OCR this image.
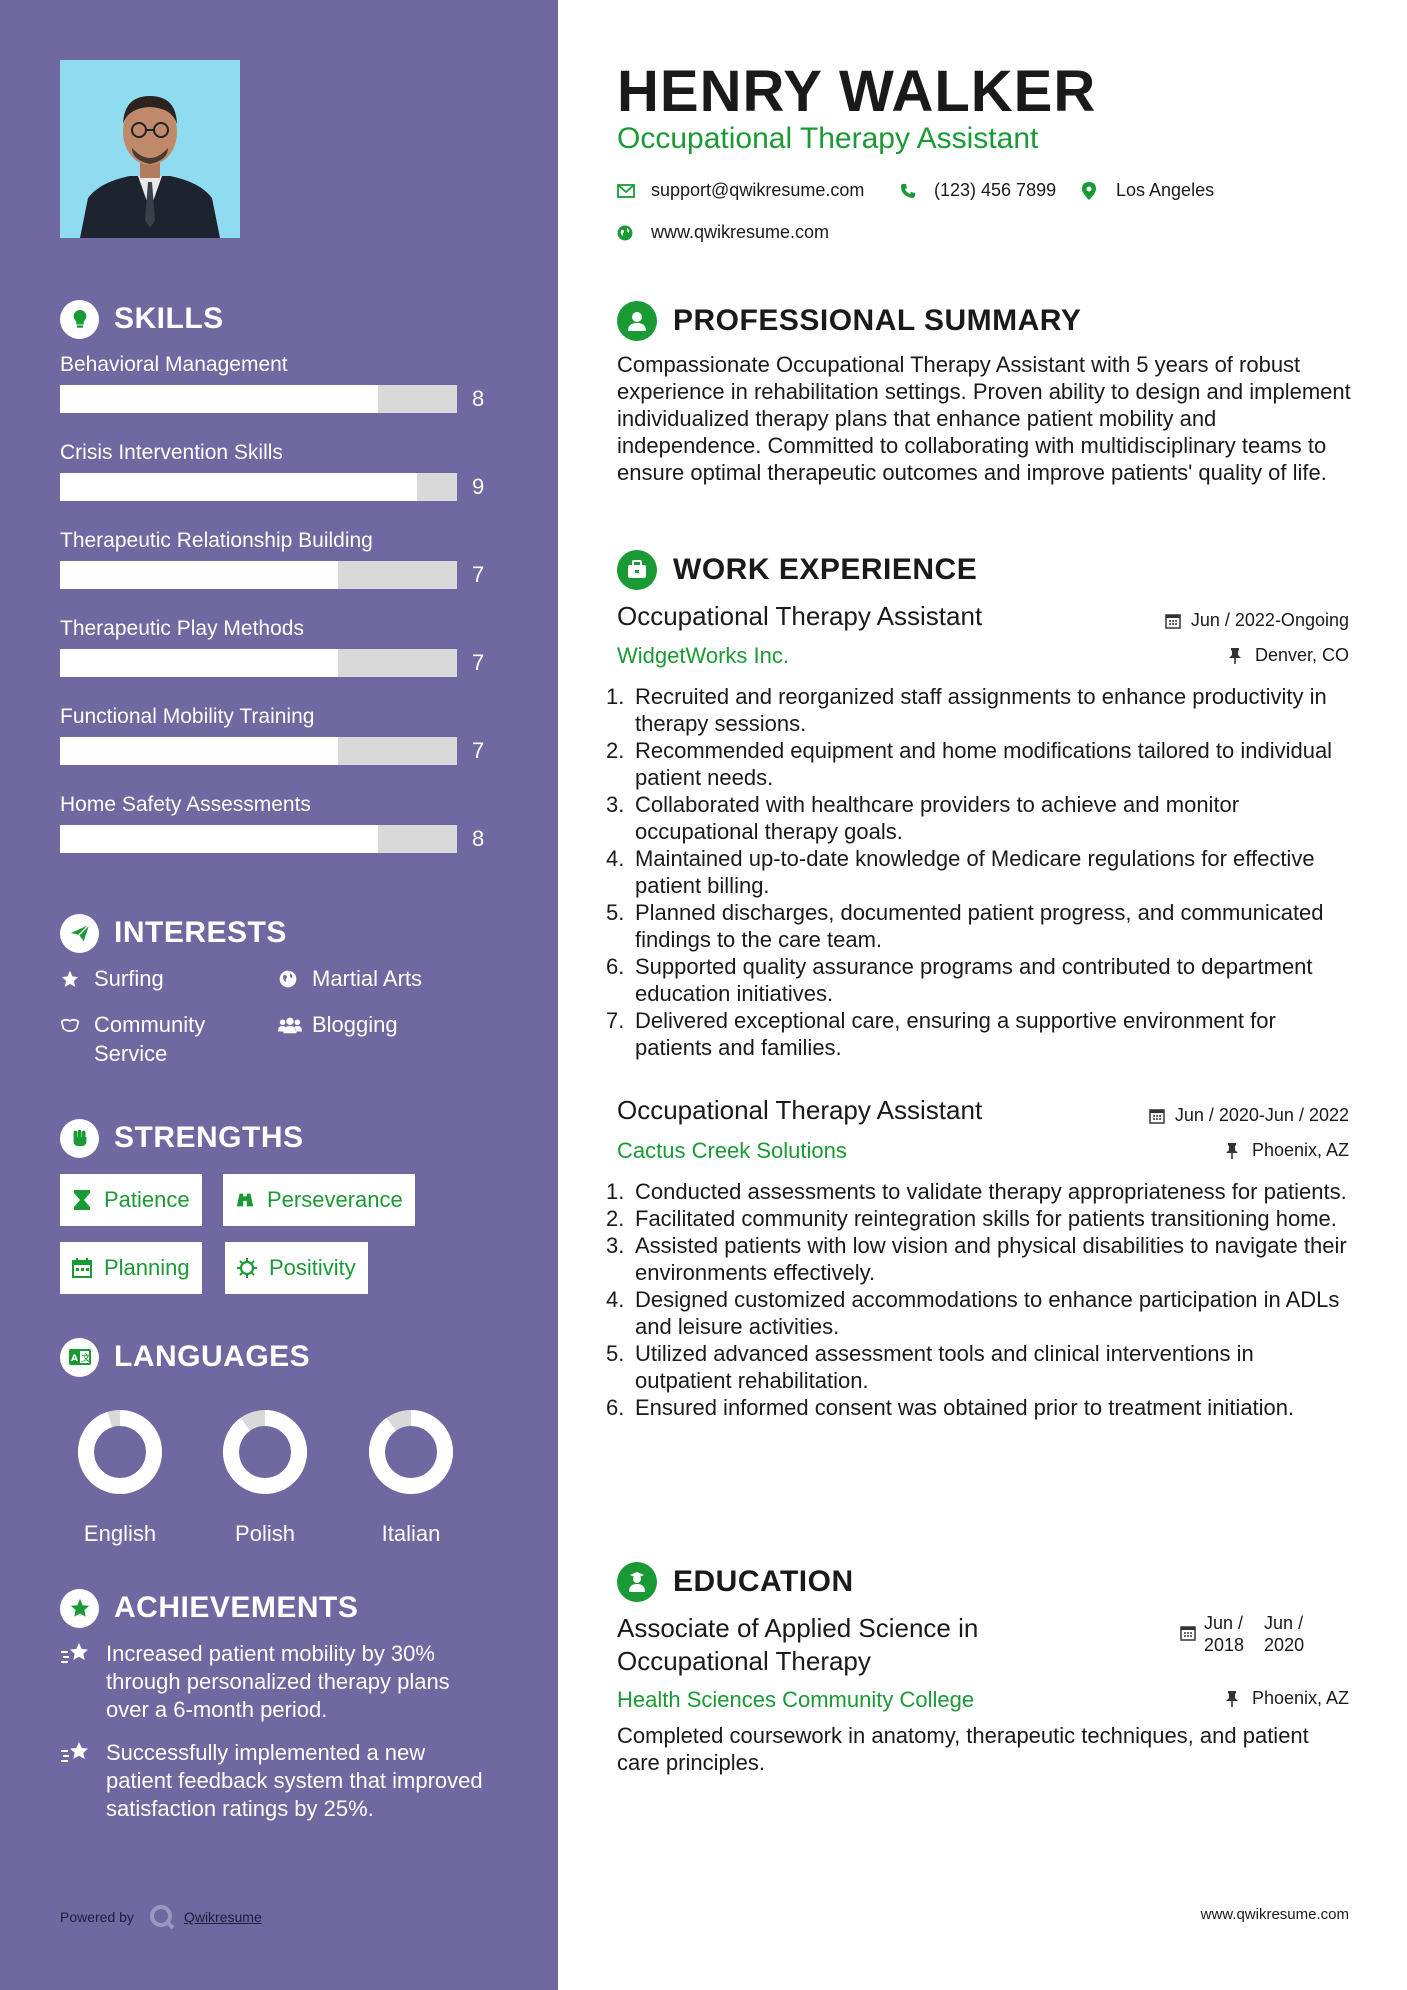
SKILLS
Behavioral Management
8
Crisis Intervention Skills
9
Therapeutic Relationship Building
7
Therapeutic Play Methods
7
Functional Mobility Training
7
Home Safety Assessments
8
INTERESTS
Surfing	Martial Arts
Community Service
Blogging
STRENGTHS
Patience	Perseverance
Planning	Positivity
A 文 LANGUAGES
English	Polish	Italian
ACHIEVEMENTS
Increased patient mobility by 30% through personalized therapy plans over a 6-month period.
Successfully implemented a new patient feedback system that improved satisfaction ratings by 25%.
Powered by	Qwikresume
HENRY WALKER
Occupational Therapy Assistant
support@qwikresume.com	(123) 456 7899	Los Angeles
www.qwikresume.com
PROFESSIONAL SUMMARY
Compassionate Occupational Therapy Assistant with 5 years of robust experience in rehabilitation settings. Proven ability to design and implement individualized therapy plans that enhance patient mobility and independence. Committed to collaborating with multidisciplinary teams to ensure optimal therapeutic outcomes and improve patients' quality of life.
WORK EXPERIENCE
Occupational Therapy Assistant	Jun / 2022-Ongoing
WidgetWorks Inc.	Denver, CO
1. Recruited and reorganized staff assignments to enhance productivity in therapy sessions.
2. Recommended equipment and home modifications tailored to individual patient needs.
3. Collaborated with healthcare providers to achieve and monitor occupational therapy goals.
4. Maintained up-to-date knowledge of Medicare regulations for effective patient billing.
5. Planned discharges, documented patient progress, and communicated findings to the care team.
6. Supported quality assurance programs and contributed to department education initiatives.
7. Delivered exceptional care, ensuring a supportive environment for patients and families.
Occupational Therapy Assistant	Jun / 2020-Jun / 2022
Cactus Creek Solutions	Phoenix, AZ
1. Conducted assessments to validate therapy appropriateness for patients.
2. Facilitated community reintegration skills for patients transitioning home.
3. Assisted patients with low vision and physical disabilities to navigate their environments effectively.
4. Designed customized accommodations to enhance participation in ADLs and leisure activities.
5. Utilized advanced assessment tools and clinical interventions in outpatient rehabilitation.
6. Ensured informed consent was obtained prior to treatment initiation.
EDUCATION
Associate of Applied Science in
Occupational Therapy
Jun /
2018
Jun /
2020
Health Sciences Community College	Phoenix, AZ
Completed coursework in anatomy, therapeutic techniques, and patient care principles.
www.qwikresume.com
